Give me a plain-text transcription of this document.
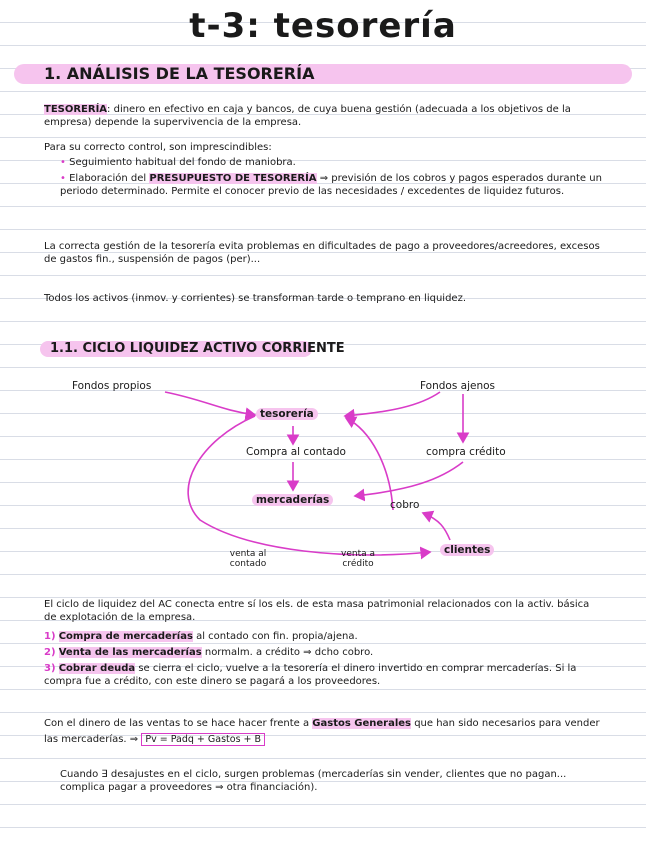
t-3: tesorería
1. ANÁLISIS DE LA TESORERÍA
TESORERÍA: dinero en efectivo en caja y bancos, de cuya buena gestión (adecuada a los objetivos de la empresa) depende la supervivencia de la empresa.
Para su correcto control, son imprescindibles:
• Seguimiento habitual del fondo de maniobra.
• Elaboración del PRESUPUESTO DE TESORERÍA ⇒ previsión de los cobros y pagos esperados durante un periodo determinado. Permite el conocer previo de las necesidades / excedentes de liquidez futuros.
La correcta gestión de la tesorería evita problemas en dificultades de pago a proveedores/acreedores, excesos de gastos fin., suspensión de pagos (per)...
Todos los activos (inmov. y corrientes) se transforman tarde o temprano en liquidez.
1.1. CICLO LIQUIDEZ ACTIVO CORRIENTE
Fondos propios	Fondos ajenos
tesorería
Compra al contado	compra crédito
mercaderías	cobro
clientes
venta al contado
venta a crédito
El ciclo de liquidez del AC conecta entre sí los els. de esta masa patrimonial relacionados con la activ. básica de explotación de la empresa.
1) Compra de mercaderías al contado con fin. propia/ajena.
2) Venta de las mercaderías normalm. a crédito ⇒ dcho cobro.
3) Cobrar deuda se cierra el ciclo, vuelve a la tesorería el dinero invertido en comprar mercaderías. Si la compra fue a crédito, con este dinero se pagará a los proveedores.
Con el dinero de las ventas to se hace hacer frente a Gastos Generales que han sido necesarios para vender las mercaderías. ⇒ Pv = Padq + Gastos + B
Cuando ∃ desajustes en el ciclo, surgen problemas (mercaderías sin vender, clientes que no pagan... complica pagar a proveedores ⇒ otra financiación).
